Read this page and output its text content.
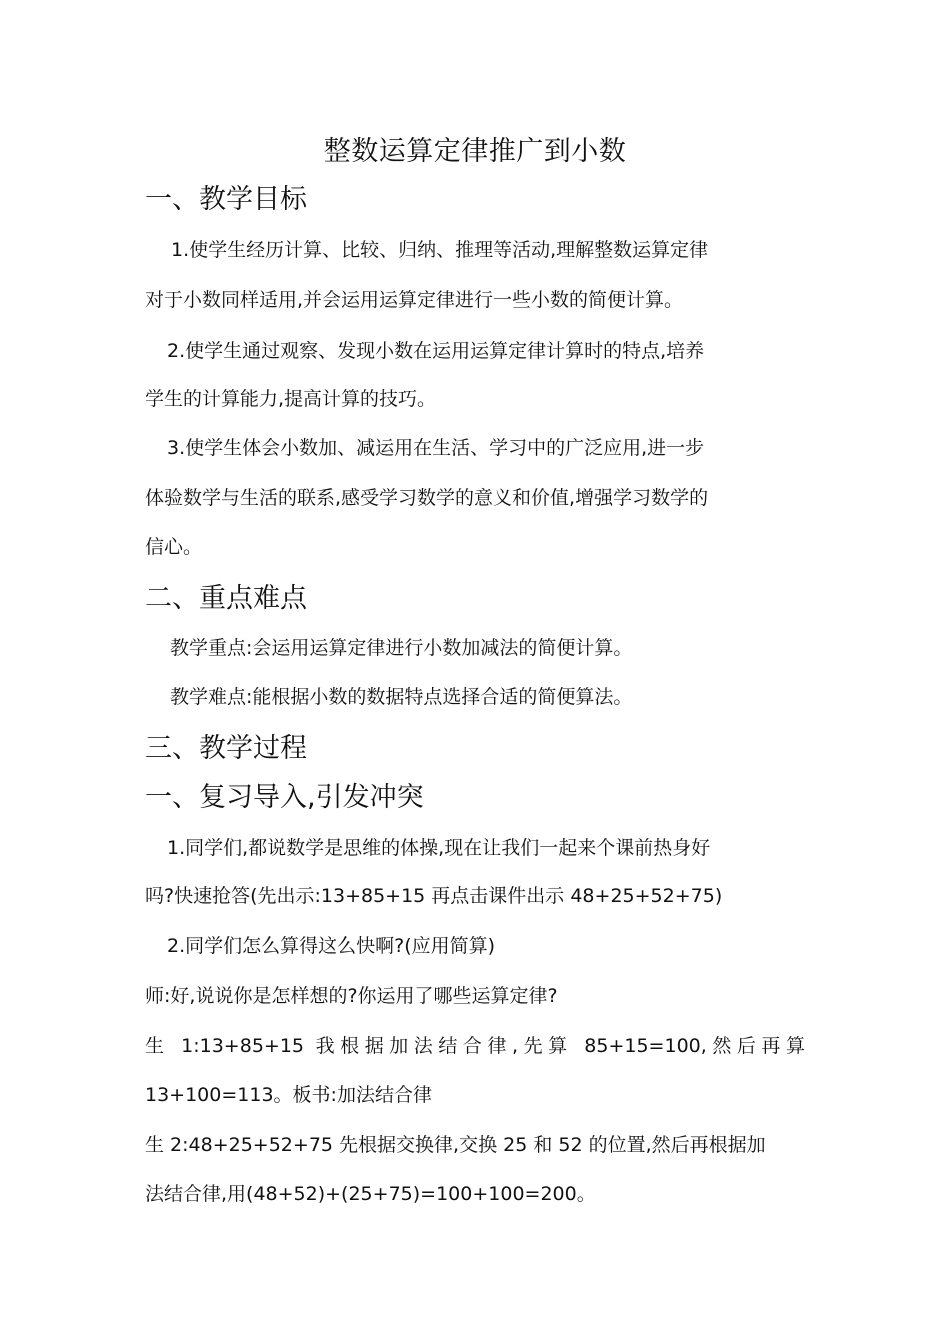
整数运算定律推广到小数
一、教学目标
1.使学生经历计算、比较、归纳、推理等活动,理解整数运算定律
对于小数同样适用,并会运用运算定律进行一些小数的简便计算。
2.使学生通过观察、发现小数在运用运算定律计算时的特点,培养
学生的计算能力,提高计算的技巧。
3.使学生体会小数加、减运用在生活、学习中的广泛应用,进一步
体验数学与生活的联系,感受学习数学的意义和价值,增强学习数学的
信心。
二、重点难点
教学重点:会运用运算定律进行小数加减法的简便计算。
教学难点:能根据小数的数据特点选择合适的简便算法。
三、教学过程
一、复习导入,引发冲突
1.同学们,都说数学是思维的体操,现在让我们一起来个课前热身好
吗?快速抢答(先出示:13+85+15 再点击课件出示 48+25+52+75)
2.同学们怎么算得这么快啊?(应用简算)
师:好,说说你是怎样想的?你运用了哪些运算定律?
生 1:13+85+15 我根据加法结合律,先算 85+15=100,然后再算
13+100=113。板书:加法结合律
生 2:48+25+52+75 先根据交换律,交换 25 和 52 的位置,然后再根据加
法结合律,用(48+52)+(25+75)=100+100=200。
